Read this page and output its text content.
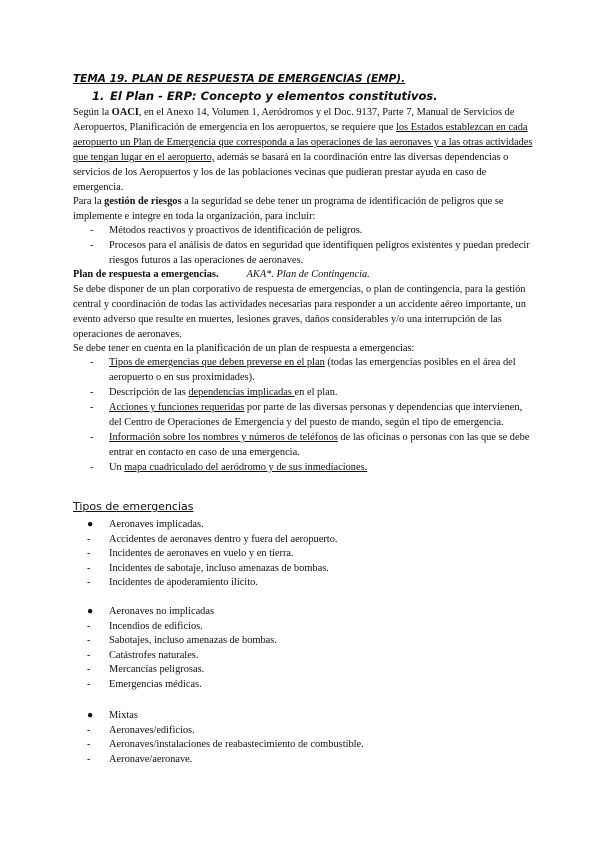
TEMA 19. PLAN DE RESPUESTA DE EMERGENCIAS (EMP).
1. El Plan - ERP: Concepto y elementos constitutivos.
Según la OACI, en el Anexo 14, Volumen 1, Aeródromos y el Doc. 9137, Parte 7, Manual de Servicios de Aeropuertos, Planificación de emergencia en los aeropuertos, se requiere que los Estados establezcan en cada aeropuerto un Plan de Emergencia que corresponda a las operaciones de las aeronaves y a las otras actividades que tengan lugar en el aeropuerto, además se basará en la coordinación entre las diversas dependencias o servicios de los Aeropuertos y los de las poblaciones vecinas que pudieran prestar ayuda en caso de emergencia.
Para la gestión de riesgos a la seguridad se debe tener un programa de identificación de peligros que se implemente e integre en toda la organización, para incluir:
- Métodos reactivos y proactivos de identificación de peligros.
- Procesos para el análisis de datos en seguridad que identifiquen peligros existentes y puedan predecir riesgos futuros a las operaciones de aeronaves.
Plan de respuesta a emergencias.	AKA*. Plan de Contingencia.
Se debe disponer de un plan corporativo de respuesta de emergencias, o plan de contingencia, para la gestión central y coordinación de todas las actividades necesarias para responder a un accidente aéreo importante, un evento adverso que resulte en muertes, lesiones graves, daños considerables y/o una interrupción de las operaciones de aeronaves.
Se debe tener en cuenta en la planificación de un plan de respuesta a emergencias:
- Tipos de emergencias que deben preverse en el plan (todas las emergencias posibles en el área del aeropuerto o en sus proximidades).
- Descripción de las dependencias implicadas en el plan.
- Acciones y funciones requeridas por parte de las diversas personas y dependencias que intervienen, del Centro de Operaciones de Emergencia y del puesto de mando, según el tipo de emergencia.
- Información sobre los nombres y números de teléfonos de las oficinas o personas con las que se debe entrar en contacto en caso de una emergencia.
- Un mapa cuadriculado del aeródromo y de sus inmediaciones.
Tipos de emergencias
● Aeronaves implicadas.
- Accidentes de aeronaves dentro y fuera del aeropuerto.
- Incidentes de aeronaves en vuelo y en tierra.
- Incidentes de sabotaje, incluso amenazas de bombas.
- Incidentes de apoderamiento ilícito.
● Aeronaves no implicadas
- Incendios de edificios.
- Sabotajes, incluso amenazas de bombas.
- Catástrofes naturales.
- Mercancías peligrosas.
- Emergencias médicas.
● Mixtas
- Aeronaves/edificios.
- Aeronaves/instalaciones de reabastecimiento de combustible.
- Aeronave/aeronave.
